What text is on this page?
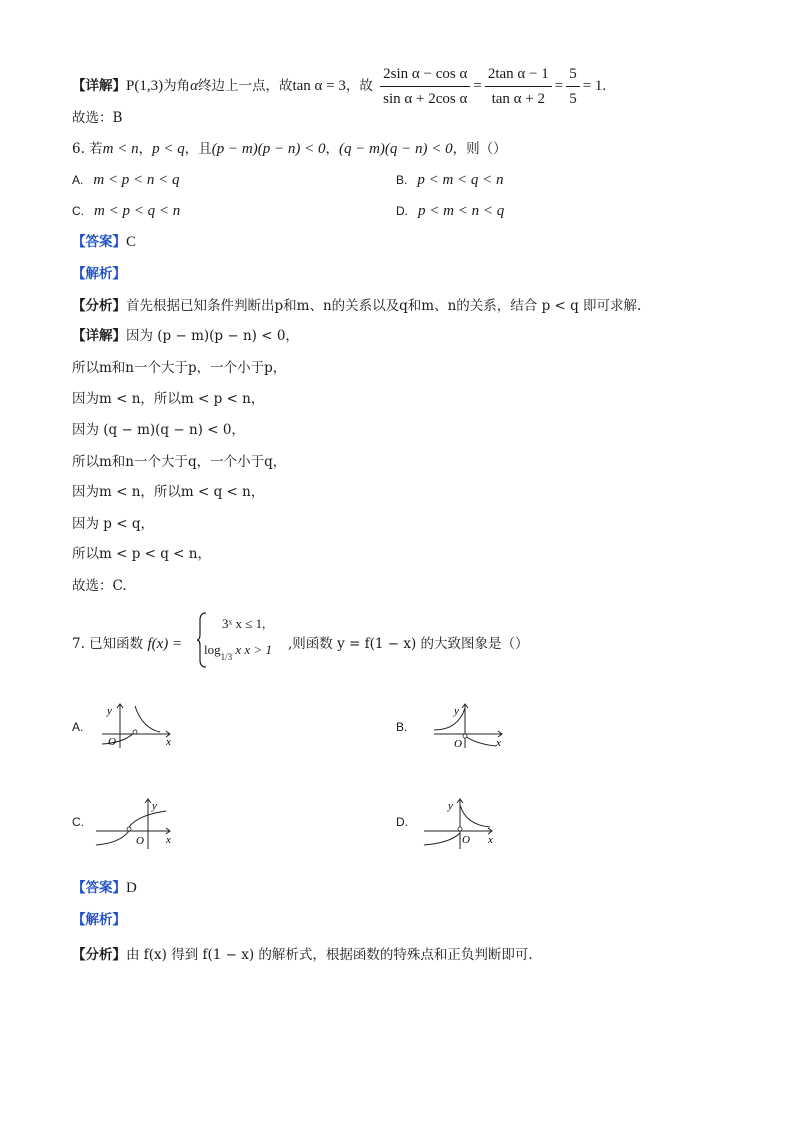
【详解】P(1,3)为角α终边上一点，故tan α = 3，故 $\frac{\text{2sin α − cos α}}{\text{sin α + 2cos α}} = \frac{\text{2tan α − 1}}{\text{tan α + 2}} = \frac{5}{5} = 1$.
故选：B
6. 若m < n，p < q，且(p − m)(p − n) < 0，(q − m)(q − n) < 0，则（）
A. m < p < n < q	B. p < m < q < n
C. m < p < q < n	D. p < m < n < q
【答案】C
【解析】
【分析】首先根据已知条件判断出p和m、n的关系以及q和m、n的关系，结合 p < q 即可求解.
【详解】因为 (p − m)(p − n) < 0，
所以m和n一个大于p，一个小于p，
因为m < n，所以m < p < n，
因为 (q − m)(q − n) < 0，
所以m和n一个大于q，一个小于q，
因为m < n，所以m < q < n，
因为 p < q，
所以m < p < q < n，
故选：C.
7. 已知函数 f(x) =
3ˣ x ≤ 1,
$\log_{1/3} x$ x > 1 ,则函数 y = f(1 − x) 的大致图象是（）
A.	B.
C.	D.
y
O	x
y
O	x
y
O x
y
O x
【答案】D
【解析】
【分析】由 f(x) 得到 f(1 − x) 的解析式，根据函数的特殊点和正负判断即可.
